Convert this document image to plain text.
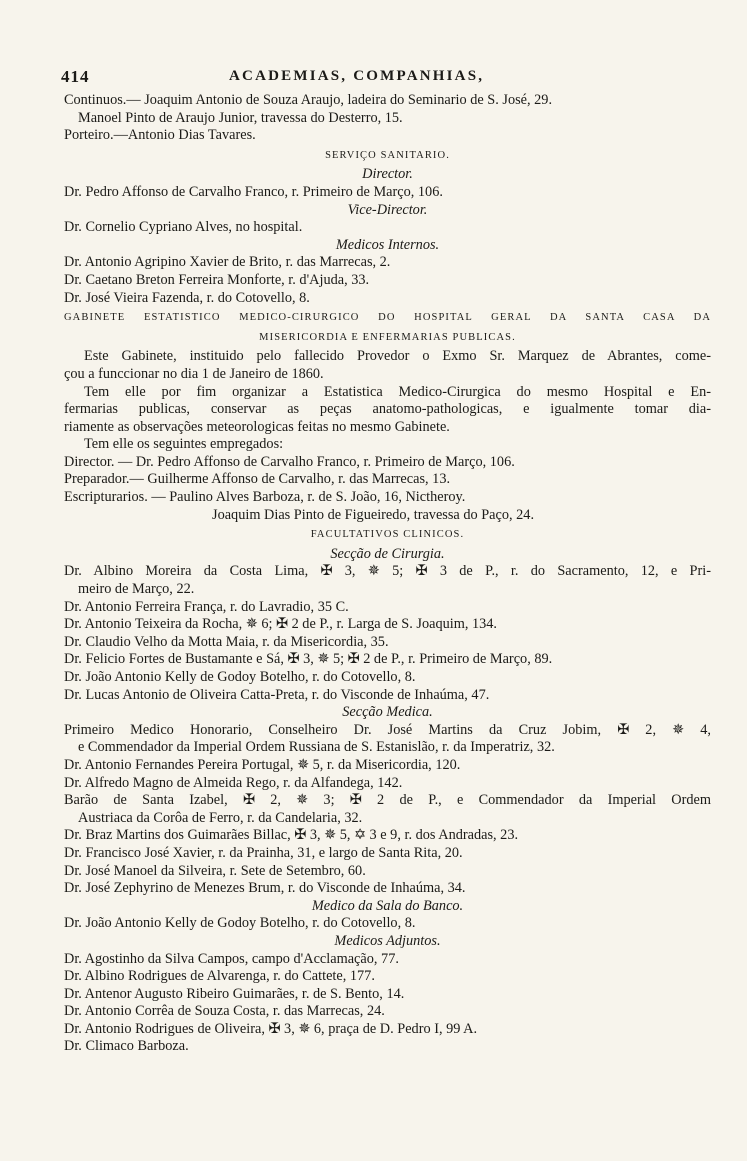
414	ACADEMIAS, COMPANHIAS,
Continuos.— Joaquim Antonio de Souza Araujo, ladeira do Seminario de S. José, 29.
Manoel Pinto de Araujo Junior, travessa do Desterro, 15.
Porteiro.—Antonio Dias Tavares.
SERVIÇO SANITARIO.
Director.
Dr. Pedro Affonso de Carvalho Franco, r. Primeiro de Março, 106.
Vice-Director.
Dr. Cornelio Cypriano Alves, no hospital.
Medicos Internos.
Dr. Antonio Agripino Xavier de Brito, r. das Marrecas, 2.
Dr. Caetano Breton Ferreira Monforte, r. d'Ajuda, 33.
Dr. José Vieira Fazenda, r. do Cotovello, 8.
GABINETE ESTATISTICO MEDICO-CIRURGICO DO HOSPITAL GERAL DA SANTA CASA DA
MISERICORDIA E ENFERMARIAS PUBLICAS.
Este Gabinete, instituido pelo fallecido Provedor o Exmo Sr. Marquez de Abrantes, come-
çou a funccionar no dia 1 de Janeiro de 1860.
Tem elle por fim organizar a Estatistica Medico-Cirurgica do mesmo Hospital e En-
fermarias publicas, conservar as peças anatomo-pathologicas, e igualmente tomar dia-
riamente as observações meteorologicas feitas no mesmo Gabinete.
Tem elle os seguintes empregados:
Director. — Dr. Pedro Affonso de Carvalho Franco, r. Primeiro de Março, 106.
Preparador.— Guilherme Affonso de Carvalho, r. das Marrecas, 13.
Escripturarios. — Paulino Alves Barboza, r. de S. João, 16, Nictheroy.
Joaquim Dias Pinto de Figueiredo, travessa do Paço, 24.
FACULTATIVOS CLINICOS.
Secção de Cirurgia.
Dr. Albino Moreira da Costa Lima, ✠ 3, ✵ 5; ✠ 3 de P., r. do Sacramento, 12, e Pri-
meiro de Março, 22.
Dr. Antonio Ferreira França, r. do Lavradio, 35 C.
Dr. Antonio Teixeira da Rocha, ✵ 6; ✠ 2 de P., r. Larga de S. Joaquim, 134.
Dr. Claudio Velho da Motta Maia, r. da Misericordia, 35.
Dr. Felicio Fortes de Bustamante e Sá, ✠ 3, ✵ 5; ✠ 2 de P., r. Primeiro de Março, 89.
Dr. João Antonio Kelly de Godoy Botelho, r. do Cotovello, 8.
Dr. Lucas Antonio de Oliveira Catta-Preta, r. do Visconde de Inhaúma, 47.
Secção Medica.
Primeiro Medico Honorario, Conselheiro Dr. José Martins da Cruz Jobim, ✠ 2, ✵ 4,
e Commendador da Imperial Ordem Russiana de S. Estanislão, r. da Imperatriz, 32.
Dr. Antonio Fernandes Pereira Portugal, ✵ 5, r. da Misericordia, 120.
Dr. Alfredo Magno de Almeida Rego, r. da Alfandega, 142.
Barão de Santa Izabel, ✠ 2, ✵ 3; ✠ 2 de P., e Commendador da Imperial Ordem
Austriaca da Corôa de Ferro, r. da Candelaria, 32.
Dr. Braz Martins dos Guimarães Billac, ✠ 3, ✵ 5, ✡ 3 e 9, r. dos Andradas, 23.
Dr. Francisco José Xavier, r. da Prainha, 31, e largo de Santa Rita, 20.
Dr. José Manoel da Silveira, r. Sete de Setembro, 60.
Dr. José Zephyrino de Menezes Brum, r. do Visconde de Inhaúma, 34.
Medico da Sala do Banco.
Dr. João Antonio Kelly de Godoy Botelho, r. do Cotovello, 8.
Medicos Adjuntos.
Dr. Agostinho da Silva Campos, campo d'Acclamação, 77.
Dr. Albino Rodrigues de Alvarenga, r. do Cattete, 177.
Dr. Antenor Augusto Ribeiro Guimarães, r. de S. Bento, 14.
Dr. Antonio Corrêa de Souza Costa, r. das Marrecas, 24.
Dr. Antonio Rodrigues de Oliveira, ✠ 3, ✵ 6, praça de D. Pedro I, 99 A.
Dr. Climaco Barboza.
